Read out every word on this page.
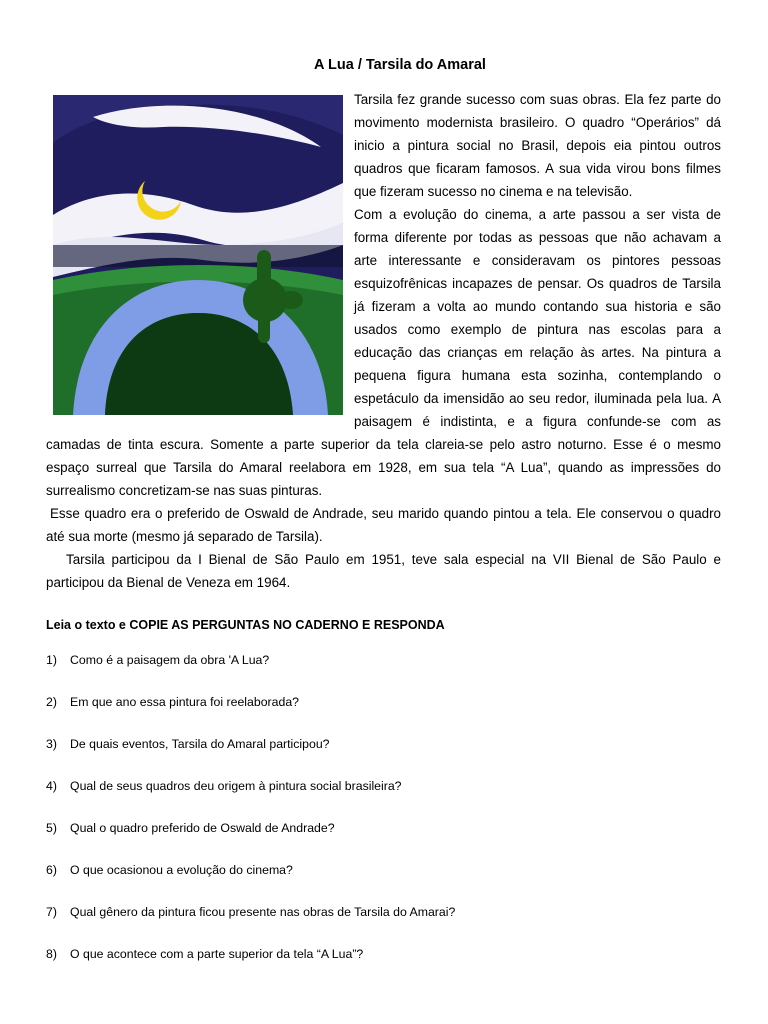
A Lua / Tarsila do Amaral

Tarsila fez grande sucesso com suas obras. Ela fez parte do movimento modernista brasileiro. O quadro “Operários” dá inicio a pintura social no Brasil, depois eia pintou outros quadros que ficaram famosos. A sua vida virou bons filmes que fizeram sucesso no cinema e na televisão.

Com a evolução do cinema, a arte passou a ser vista de forma diferente por todas as pessoas que não achavam a arte interessante e consideravam os pintores pessoas esquizofrênicas incapazes de pensar. Os quadros de Tarsila já fizeram a volta ao mundo contando sua historia e são usados como exemplo de pintura nas escolas para a educação das crianças em relação às artes. Na pintura a pequena figura humana esta sozinha, contemplando o espetáculo da imensidão ao seu redor, iluminada pela lua. A paisagem é indistinta, e a figura confunde-se com as camadas de tinta escura. Somente a parte superior da tela clareia-se pelo astro noturno. Esse é o mesmo espaço surreal que Tarsila do Amaral reelabora em 1928, em sua tela “A Lua”, quando as impressões do surrealismo concretizam-se nas suas pinturas.

Esse quadro era o preferido de Oswald de Andrade, seu marido quando pintou a tela. Ele conservou o quadro até sua morte (mesmo já separado de Tarsila).

Tarsila participou da I Bienal de São Paulo em 1951, teve sala especial na VII Bienal de São Paulo e participou da Bienal de Veneza em 1964.

Leia o texto e COPIE AS PERGUNTAS NO CADERNO E RESPONDA
1) Como é a paisagem da obra 'A Lua?
2) Em que ano essa pintura foi reelaborada?
3) De quais eventos, Tarsila do Amaral participou?
4) Qual de seus quadros deu origem à pintura social brasileira?
5) Qual o quadro preferido de Oswald de Andrade?
6) O que ocasionou a evolução do cinema?
7) Qual gênero da pintura ficou presente nas obras de Tarsila do Amarai?
8) O que acontece com a parte superior da tela “A Lua”?
